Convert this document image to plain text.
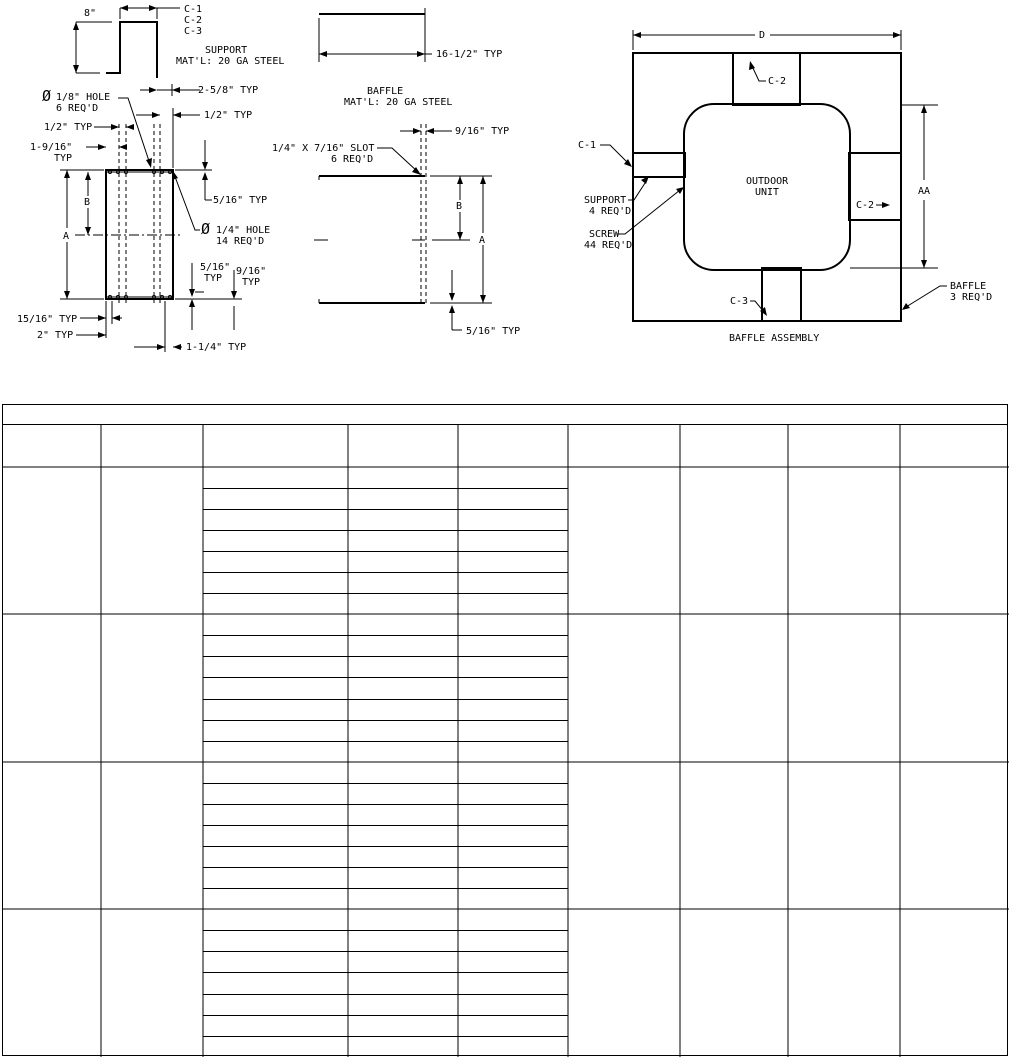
8"	C-1
C-2
C-3
SUPPORT
MAT'L: 20 GA STEEL
2-5/8" TYP
Ø 1/8" HOLE
6 REQ'D
1/2" TYP
1/2" TYP
1-9/16"
TYP
5/16" TYP
Ø 1/4" HOLE
14 REQ'D
A
B
5/16"
TYP
9/16"
TYP
15/16" TYP
2" TYP
1-1/4" TYP
16-1/2" TYP
BAFFLE
MAT'L: 20 GA STEEL
9/16" TYP
1/4" X 7/16" SLOT
6 REQ'D
B
A
5/16" TYP
D
OUTDOOR
UNIT	AA
C-2
C-1
C-2
SUPPORT
4 REQ'D
SCREW
44 REQ'D
C-3
BAFFLE
3 REQ'D
BAFFLE ASSEMBLY
